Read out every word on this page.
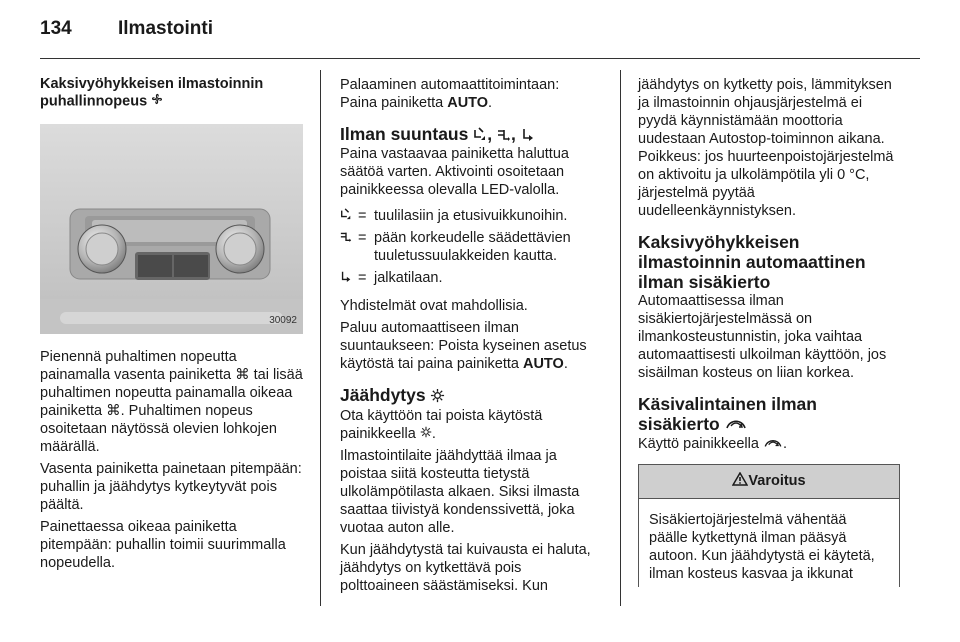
134 Ilmastointi
Kaksivyöhykkeisen ilmastoinnin
puhallinnopeus
30092

Pienennä puhaltimen nopeutta painamalla vasenta painiketta ⌘ tai lisää puhaltimen nopeutta painamalla oikeaa painiketta ⌘. Puhaltimen nopeus osoitetaan näytössä olevien lohkojen määrällä.

Vasenta painiketta painetaan pitempään: puhallin ja jäähdytys kytkeytyvät pois päältä.

Painettaessa oikeaa painiketta pitempään: puhallin toimii suurimmalla nopeudella.

Palaaminen automaattitoimintaan:
Paina painiketta AUTO.

Ilman suuntaus , ,

Paina vastaavaa painiketta haluttua säätöä varten. Aktivointi osoitetaan painikkeessa olevalla LED-valolla.

= tuulilasiin ja etusivuikkunoihin.
= pään korkeudelle säädettävien tuuletussuulakkeiden kautta.
= jalkatilaan.

Yhdistelmät ovat mahdollisia.

Paluu automaattiseen ilman suuntaukseen: Poista kyseinen asetus käytöstä tai paina painiketta AUTO.

Jäähdytys

Ota käyttöön tai poista käytöstä painikkeella .

Ilmastointilaite jäähdyttää ilmaa ja poistaa siitä kosteutta tietystä ulkolämpötilasta alkaen. Siksi ilmasta saattaa tiivistyä kondenssivettä, joka vuotaa auton alle.

Kun jäähdytystä tai kuivausta ei haluta, jäähdytys on kytkettävä pois polttoaineen säästämiseksi. Kun

jäähdytys on kytketty pois, lämmityksen ja ilmastoinnin ohjausjärjestelmä ei pyydä käynnistämään moottoria uudestaan Autostop-toiminnon aikana. Poikkeus: jos huurteenpoistojärjestelmä on aktivoitu ja ulkolämpötila yli 0 °C, järjestelmä pyytää uudelleenkäynnistyksen.

Kaksivyöhykkeisen ilmastoinnin automaattinen ilman sisäkierto

Automaattisessa ilman sisäkiertojärjestelmässä on ilmankosteustunnistin, joka vaihtaa automaattisesti ulkoilman käyttöön, jos sisäilman kosteus on liian korkea.

Käsivalintainen ilman
sisäkierto

Käyttö painikkeella .

Varoitus
Sisäkiertojärjestelmä vähentää päälle kytkettynä ilman pääsyä autoon. Kun jäähdytystä ei käytetä, ilman kosteus kasvaa ja ikkunat
